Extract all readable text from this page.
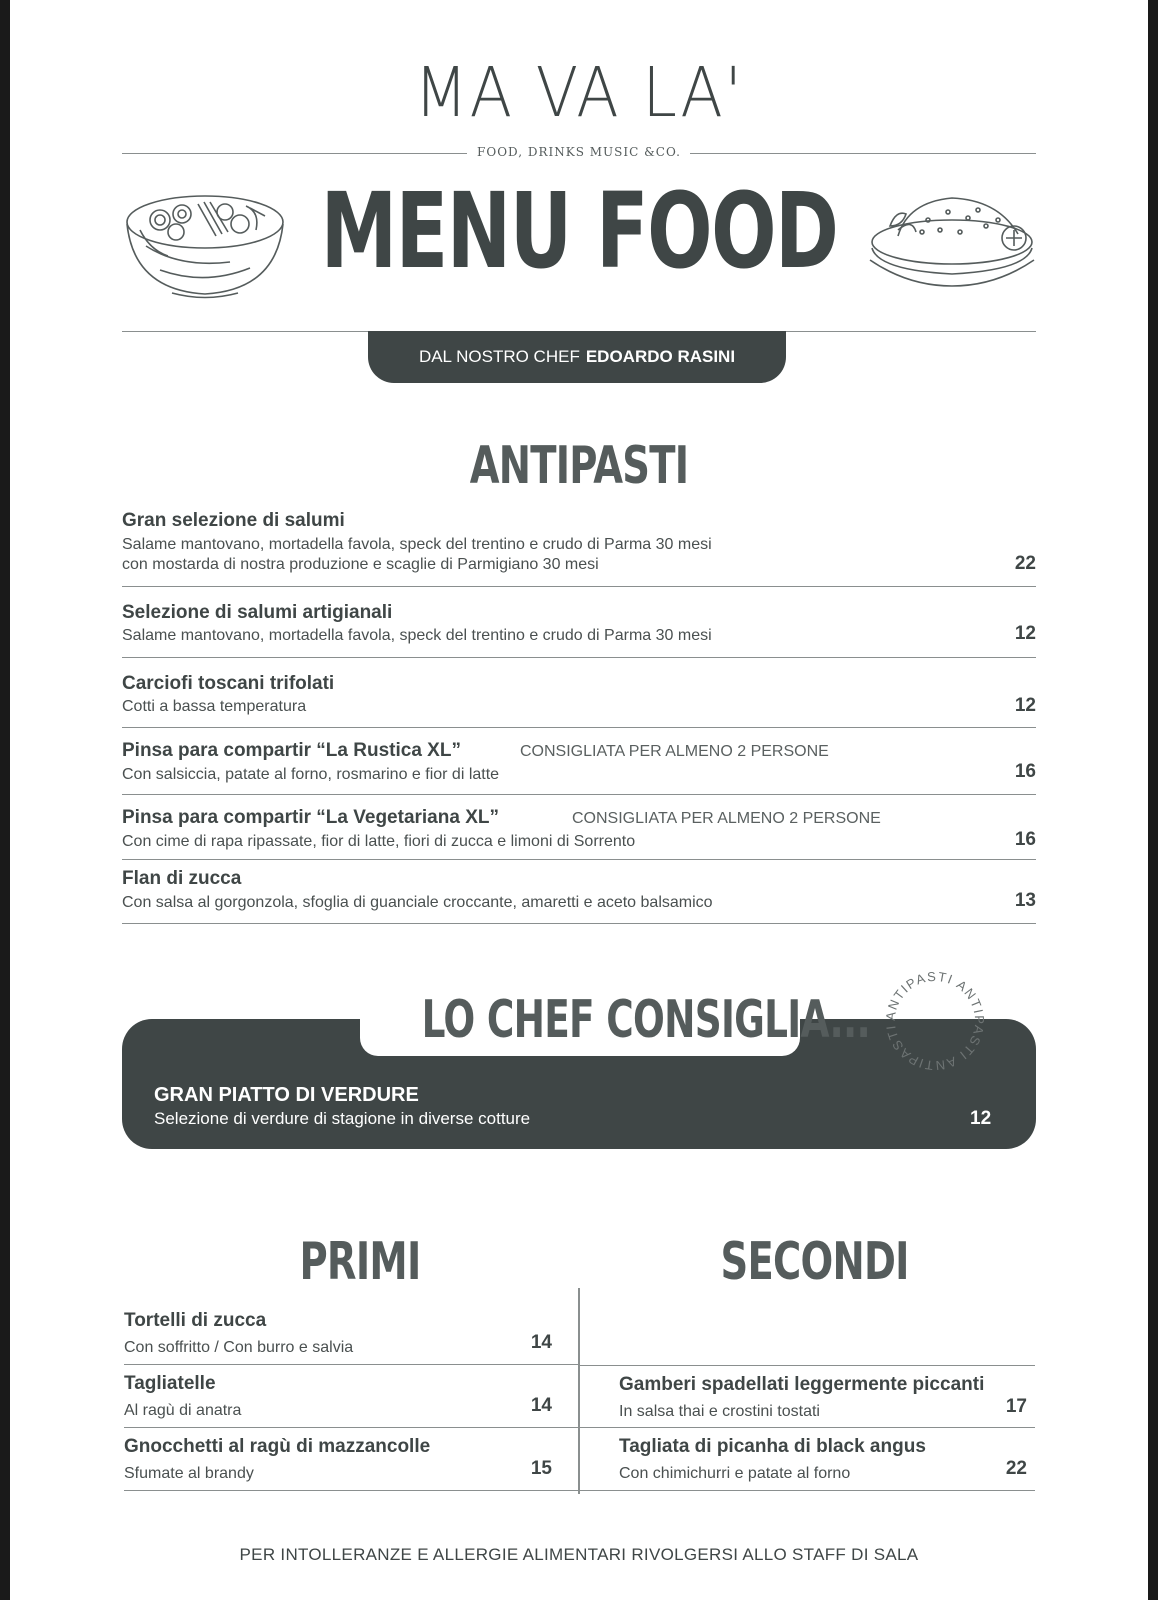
MA VA LA'
FOOD, DRINKS MUSIC &CO.
MENU FOOD
DAL NOSTRO CHEF EDOARDO RASINI
ANTIPASTI
Gran selezione di salumi
Salame mantovano, mortadella favola, speck del trentino e crudo di Parma 30 mesi
con mostarda di nostra produzione e scaglie di Parmigiano 30 mesi	22
Selezione di salumi artigianali
Salame mantovano, mortadella favola, speck del trentino e crudo di Parma 30 mesi	12
Carciofi toscani trifolati
Cotti a bassa temperatura	12
Pinsa para compartir “La Rustica XL”	CONSIGLIATA PER ALMENO 2 PERSONE
Con salsiccia, patate al forno, rosmarino e fior di latte	16
Pinsa para compartir “La Vegetariana XL”	CONSIGLIATA PER ALMENO 2 PERSONE
Con cime di rapa ripassate, fior di latte, fiori di zucca e limoni di Sorrento	16
Flan di zucca
Con salsa al gorgonzola, sfoglia di guanciale croccante, amaretti e aceto balsamico	13
LO CHEF CONSIGLIA... ANTIPASTI ANTIPASTI ANTIPASTI
GRAN PIATTO DI VERDURE
Selezione di verdure di stagione in diverse cotture	12
PRIMI	SECONDI
Tortelli di zucca
Con soffritto / Con burro e salvia	14
Tagliatelle
Al ragù di anatra	14
Gnocchetti al ragù di mazzancolle
Sfumate al brandy	15
Gamberi spadellati leggermente piccanti
In salsa thai e crostini tostati	17
Tagliata di picanha di black angus
Con chimichurri e patate al forno	22
PER INTOLLERANZE E ALLERGIE ALIMENTARI RIVOLGERSI ALLO STAFF DI SALA
